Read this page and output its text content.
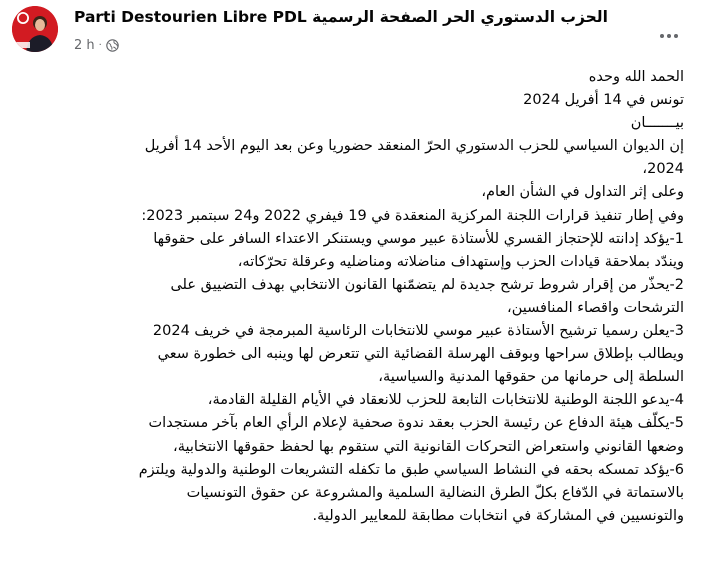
Parti Destourien Libre PDL الحزب الدستوري الحر الصفحة الرسمية
2 h ·
الحمد الله وحده
تونس في 14 أفريل 2024
بيـــــــان
إن الديوان السياسي للحزب الدستوري الحرّ المنعقد حضوريا وعن بعد اليوم الأحد 14 أفريل
2024،
وعلى إثر التداول في الشأن العام،
وفي إطار تنفيذ قرارات اللجنة المركزية المنعقدة في 19 فيفري 2022 و24 سبتمبر 2023:
1-يؤكد إدانته للإحتجاز القسري للأستاذة عبير موسي ويستنكر الاعتداء السافر على حقوقها
ويندّد بملاحقة قيادات الحزب وإستهداف مناضلاته ومناضليه وعرقلة تحرّكاته،
2-يحذّر من إقرار شروط ترشح جديدة لم يتضمّنها القانون الانتخابي بهدف التضييق على
الترشحات واقصاء المنافسين،
3-يعلن رسميا ترشيح الأستاذة عبير موسي للانتخابات الرئاسية المبرمجة في خريف 2024
ويطالب بإطلاق سراحها وبوقف الهرسلة القضائية التي تتعرض لها وينبه الى خطورة سعي
السلطة إلى حرمانها من حقوقها المدنية والسياسية،
4-يدعو اللجنة الوطنية للانتخابات التابعة للحزب للانعقاد في الأيام القليلة القادمة،
5-يكلّف هيئة الدفاع عن رئيسة الحزب بعقد ندوة صحفية لإعلام الرأي العام بآخر مستجدات
وضعها القانوني واستعراض التحركات القانونية التي ستقوم بها لحفظ حقوقها الانتخابية،
6-يؤكد تمسكه بحقه في النشاط السياسي طبق ما تكفله التشريعات الوطنية والدولية ويلتزم
بالاستماتة في الدّفاع بكلّ الطرق النضالية السلمية والمشروعة عن حقوق التونسيات
والتونسيين في المشاركة في انتخابات مطابقة للمعايير الدولية.
